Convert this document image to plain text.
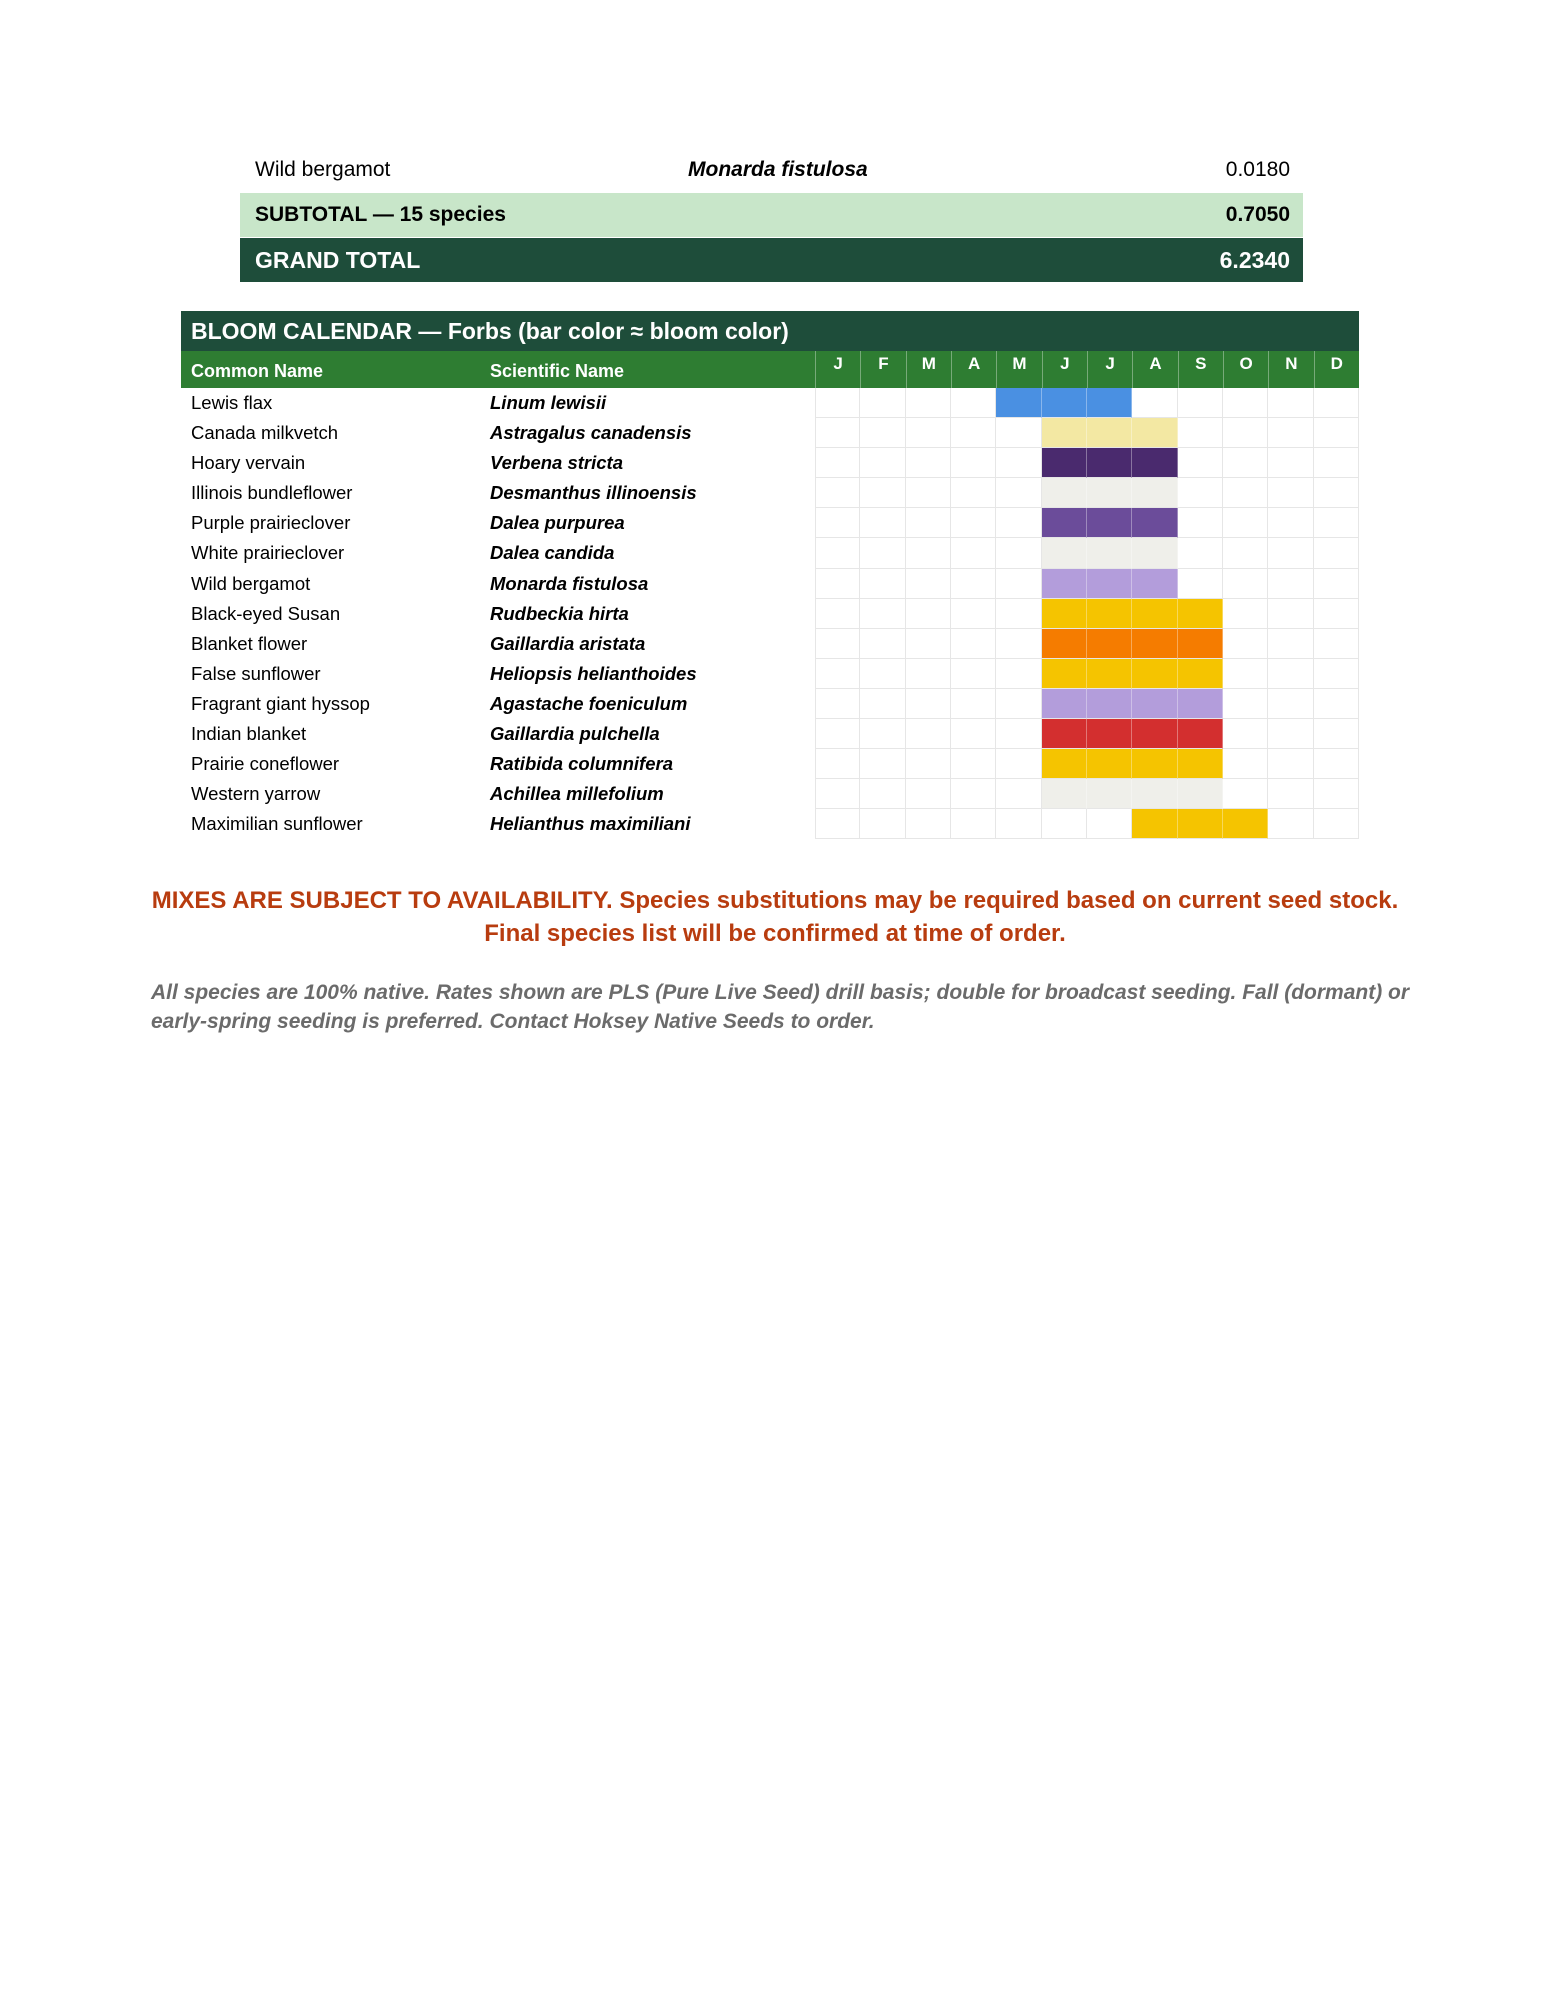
Wild bergamot	Monarda fistulosa	0.0180
SUBTOTAL — 15 species	0.7050
GRAND TOTAL	6.2340
BLOOM CALENDAR — Forbs (bar color ≈ bloom color)
Common Name	Scientific Name	J	F	M	A	M	J	J	A	S	O	N	D
Lewis flax	Linum lewisii
Canada milkvetch	Astragalus canadensis
Hoary vervain	Verbena stricta
Illinois bundleflower	Desmanthus illinoensis
Purple prairieclover	Dalea purpurea
White prairieclover	Dalea candida
Wild bergamot	Monarda fistulosa
Black-eyed Susan	Rudbeckia hirta
Blanket flower	Gaillardia aristata
False sunflower	Heliopsis helianthoides
Fragrant giant hyssop	Agastache foeniculum
Indian blanket	Gaillardia pulchella
Prairie coneflower	Ratibida columnifera
Western yarrow	Achillea millefolium
Maximilian sunflower	Helianthus maximiliani
MIXES ARE SUBJECT TO AVAILABILITY. Species substitutions may be required based on current seed stock. Final species list will be confirmed at time of order.
All species are 100% native. Rates shown are PLS (Pure Live Seed) drill basis; double for broadcast seeding. Fall (dormant) or early-spring seeding is preferred. Contact Hoksey Native Seeds to order.
